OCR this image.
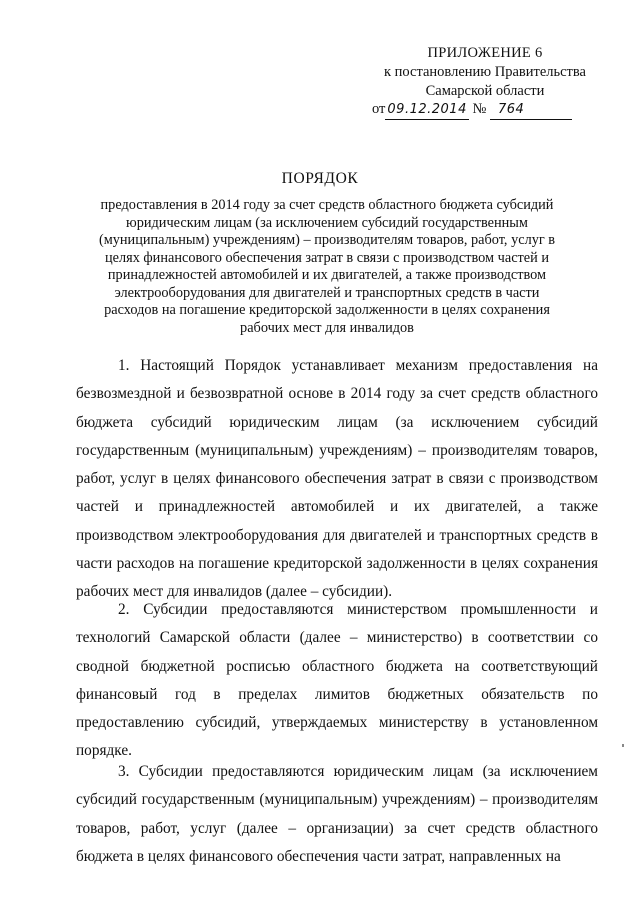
ПРИЛОЖЕНИЕ 6
к постановлению Правительства
Самарской области
от 09.12.2014 № 764
ПОРЯДОК
предоставления в 2014 году за счет средств областного бюджета субсидий юридическим лицам (за исключением субсидий государственным (муниципальным) учреждениям) – производителям товаров, работ, услуг в целях финансового обеспечения затрат в связи с производством частей и принадлежностей автомобилей и их двигателей, а также производством электрооборудования для двигателей и транспортных средств в части расходов на погашение кредиторской задолженности в целях сохранения рабочих мест для инвалидов

1. Настоящий Порядок устанавливает механизм предоставления на безвозмездной и безвозвратной основе в 2014 году за счет средств областного бюджета субсидий юридическим лицам (за исключением субсидий государственным (муниципальным) учреждениям) – производителям товаров, работ, услуг в целях финансового обеспечения затрат в связи с производством частей и принадлежностей автомобилей и их двигателей, а также производством электрооборудования для двигателей и транспортных средств в части расходов на погашение кредиторской задолженности в целях сохранения рабочих мест для инвалидов (далее – субсидии).

2. Субсидии предоставляются министерством промышленности и технологий Самарской области (далее – министерство) в соответствии со сводной бюджетной росписью областного бюджета на соответствующий финансовый год в пределах лимитов бюджетных обязательств по предоставлению субсидий, утверждаемых министерству в установленном порядке.

3. Субсидии предоставляются юридическим лицам (за исключением субсидий государственным (муниципальным) учреждениям) – производителям товаров, работ, услуг (далее – организации) за счет средств областного бюджета в целях финансового обеспечения части затрат, направленных на
